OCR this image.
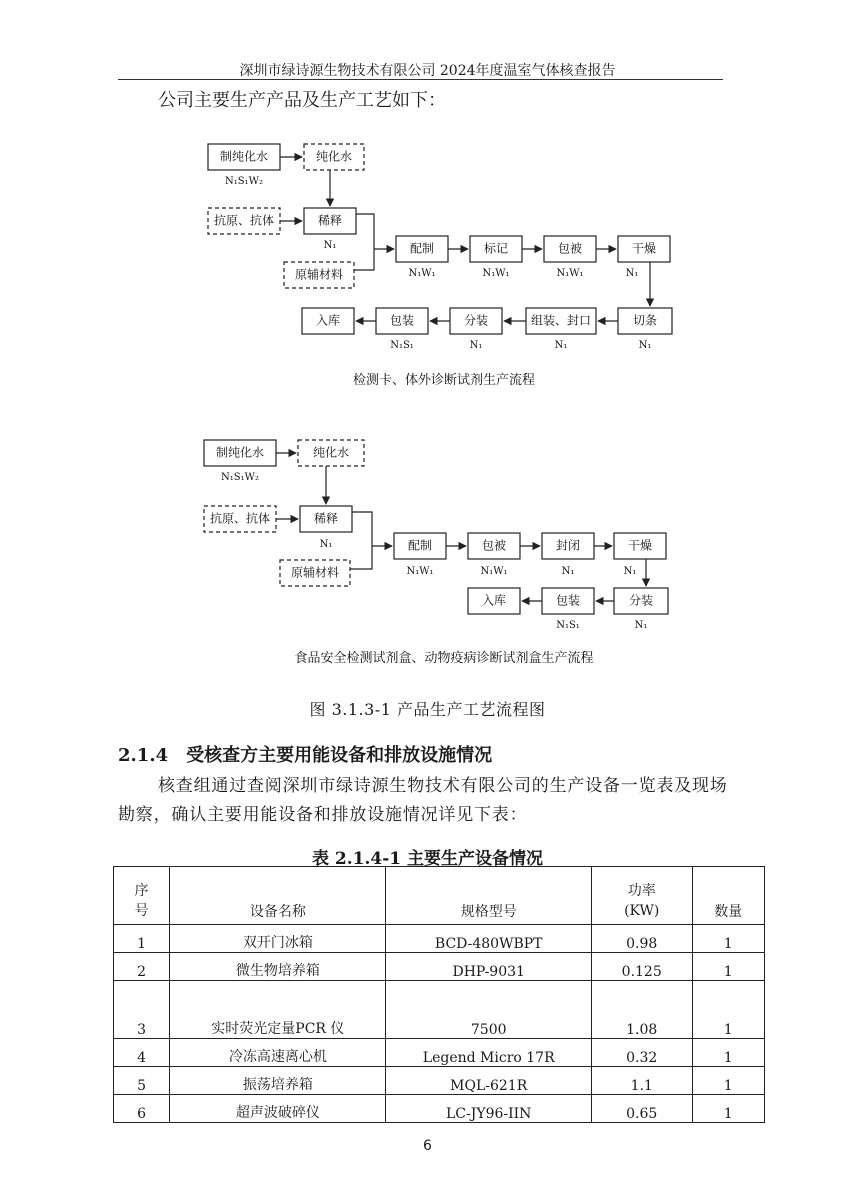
深圳市绿诗源生物技术有限公司 2024年度温室气体核查报告
公司主要生产产品及生产工艺如下：
制纯化水
N₁S₁W₂
纯化水
抗原、抗体	稀释
N₁
原辅材料
配制
N₁W₁
标记
N₁W₁
包被
N₁W₁
干燥
N₁
切条
N₁
组装、封口
N₁
分装
N₁
包装
N₁S₁
入库
检测卡、体外诊断试剂生产流程
制纯化水
N₁S₁W₂
纯化水
抗原、抗体	稀释
N₁
原辅材料
配制
N₁W₁
包被
N₁W₁
封闭
N₁
干燥
N₁
分装
N₁
包装
N₁S₁
入库
食品安全检测试剂盒、动物疫病诊断试剂盒生产流程
图 3.1.3-1 产品生产工艺流程图
2.1.4 受核查方主要用能设备和排放设施情况
核查组通过查阅深圳市绿诗源生物技术有限公司的生产设备一览表及现场勘察，确认主要用能设备和排放设施情况详见下表：
表 2.1.4-1 主要生产设备情况
序号	设备名称	规格型号	功率(KW)	数量
1	双开门冰箱	BCD-480WBPT	0.98	1
2	微生物培养箱	DHP-9031	0.125	1
3	实时荧光定量PCR 仪	7500	1.08	1
4	冷冻高速离心机	Legend Micro 17R	0.32	1
5	振荡培养箱	MQL-621R	1.1	1
6	超声波破碎仪	LC-JY96-IIN	0.65	1
6
